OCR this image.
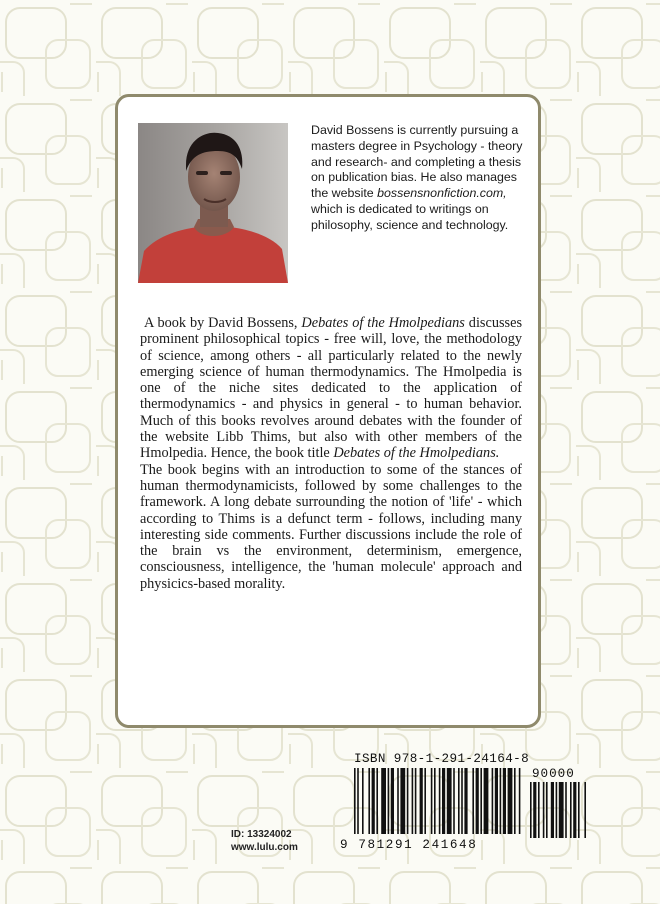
David Bossens is currently pursuing a masters degree in Psychology - theory and research- and completing a thesis on publication bias. He also manages the website bossensnonfiction.com, which is dedicated to writings on philosophy, science and technology.

A book by David Bossens, Debates of the Hmolpedians discusses prominent philosophical topics - free will, love, the methodology of science, among others - all particularly related to the newly emerging science of human thermodynamics. The Hmolpedia is one of the niche sites dedicated to the application of thermodynamics - and physics in general - to human behavior. Much of this books revolves around debates with the founder of the website Libb Thims, but also with other members of the Hmolpedia. Hence, the book title Debates of the Hmolpedians.

The book begins with an introduction to some of the stances of human thermodynamicists, followed by some challenges to the framework. A long debate surrounding the notion of 'life' - which according to Thims is a defunct term - follows, including many interesting side comments. Further discussions include the role of the brain vs the environment, determinism, emergence, consciousness, intelligence, the 'human molecule' approach and physicics-based morality.

ISBN 978-1-291-24164-8
90000
9 781291 241648
ID: 13324002
www.lulu.com
